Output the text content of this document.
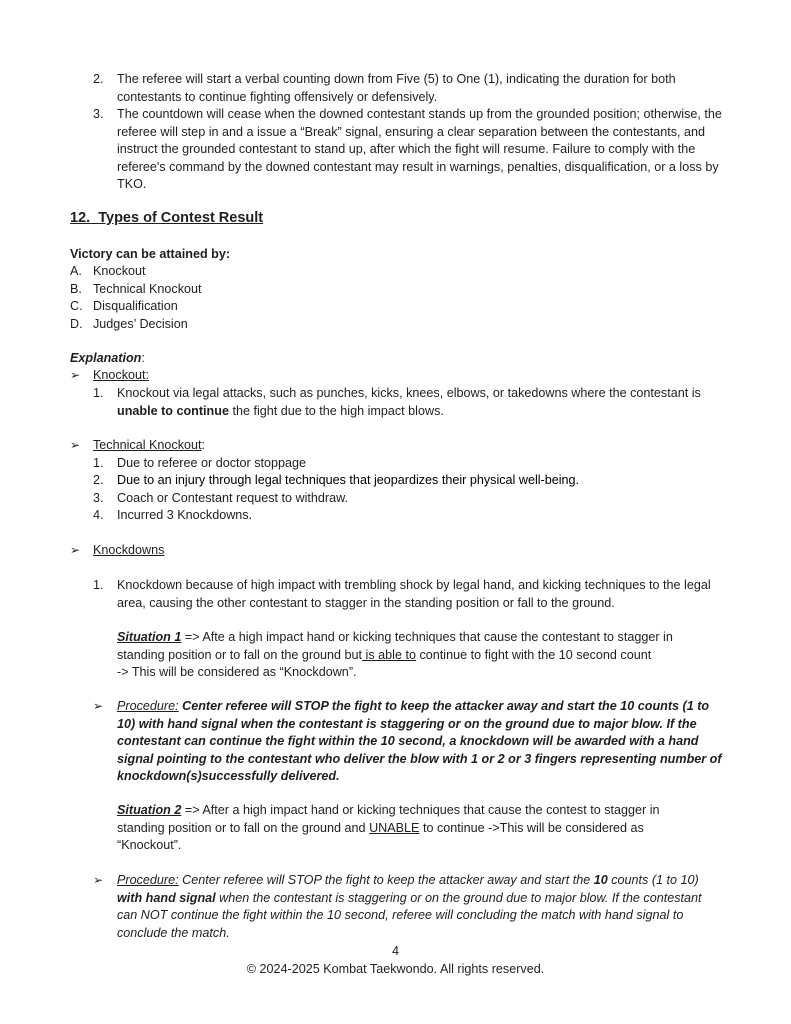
2.	The referee will start a verbal counting down from Five (5) to One (1), indicating the duration for both contestants to continue fighting offensively or defensively.

3.	The countdown will cease when the downed contestant stands up from the grounded position; otherwise, the referee will step in and a issue a “Break” signal, ensuring a clear separation between the contestants, and instruct the grounded contestant to stand up, after which the fight will resume. Failure to comply with the referee's command by the downed contestant may result in warnings, penalties, disqualification, or a loss by TKO.

12. Types of Contest Result

Victory can be attained by:

A. Knockout
B. Technical Knockout
C. Disqualification
D. Judges’ Decision

Explanation:

➢ Knockout:

1.	Knockout via legal attacks, such as punches, kicks, knees, elbows, or takedowns where the contestant is unable to continue the fight due to the high impact blows.

➢ Technical Knockout:

1.	Due to referee or doctor stoppage
2.	Due to an injury through legal techniques that jeopardizes their physical well-being.
3.	Coach or Contestant request to withdraw.
4.	Incurred 3 Knockdowns.
➢ Knockdowns

1.	Knockdown because of high impact with trembling shock by legal hand, and kicking techniques to the legal area, causing the other contestant to stagger in the standing position or fall to the ground.

Situation 1 => Afte a high impact hand or kicking techniques that cause the contestant to stagger in standing position or to fall on the ground but is able to continue to fight with the 10 second count
-> This will be considered as “Knockdown”.

➢ Procedure: Center referee will STOP the fight to keep the attacker away and start the 10 counts (1 to 10) with hand signal when the contestant is staggering or on the ground due to major blow. If the contestant can continue the fight within the 10 second, a knockdown will be awarded with a hand signal pointing to the contestant who deliver the blow with 1 or 2 or 3 fingers representing number of knockdown(s)successfully delivered.

Situation 2 => After a high impact hand or kicking techniques that cause the contest to stagger in standing position or to fall on the ground and UNABLE to continue ->This will be considered as “Knockout”.

➢ Procedure: Center referee will STOP the fight to keep the attacker away and start the 10 counts (1 to 10) with hand signal when the contestant is staggering or on the ground due to major blow. If the contestant can NOT continue the fight within the 10 second, referee will concluding the match with hand signal to conclude the match.

4

© 2024-2025 Kombat Taekwondo. All rights reserved.
